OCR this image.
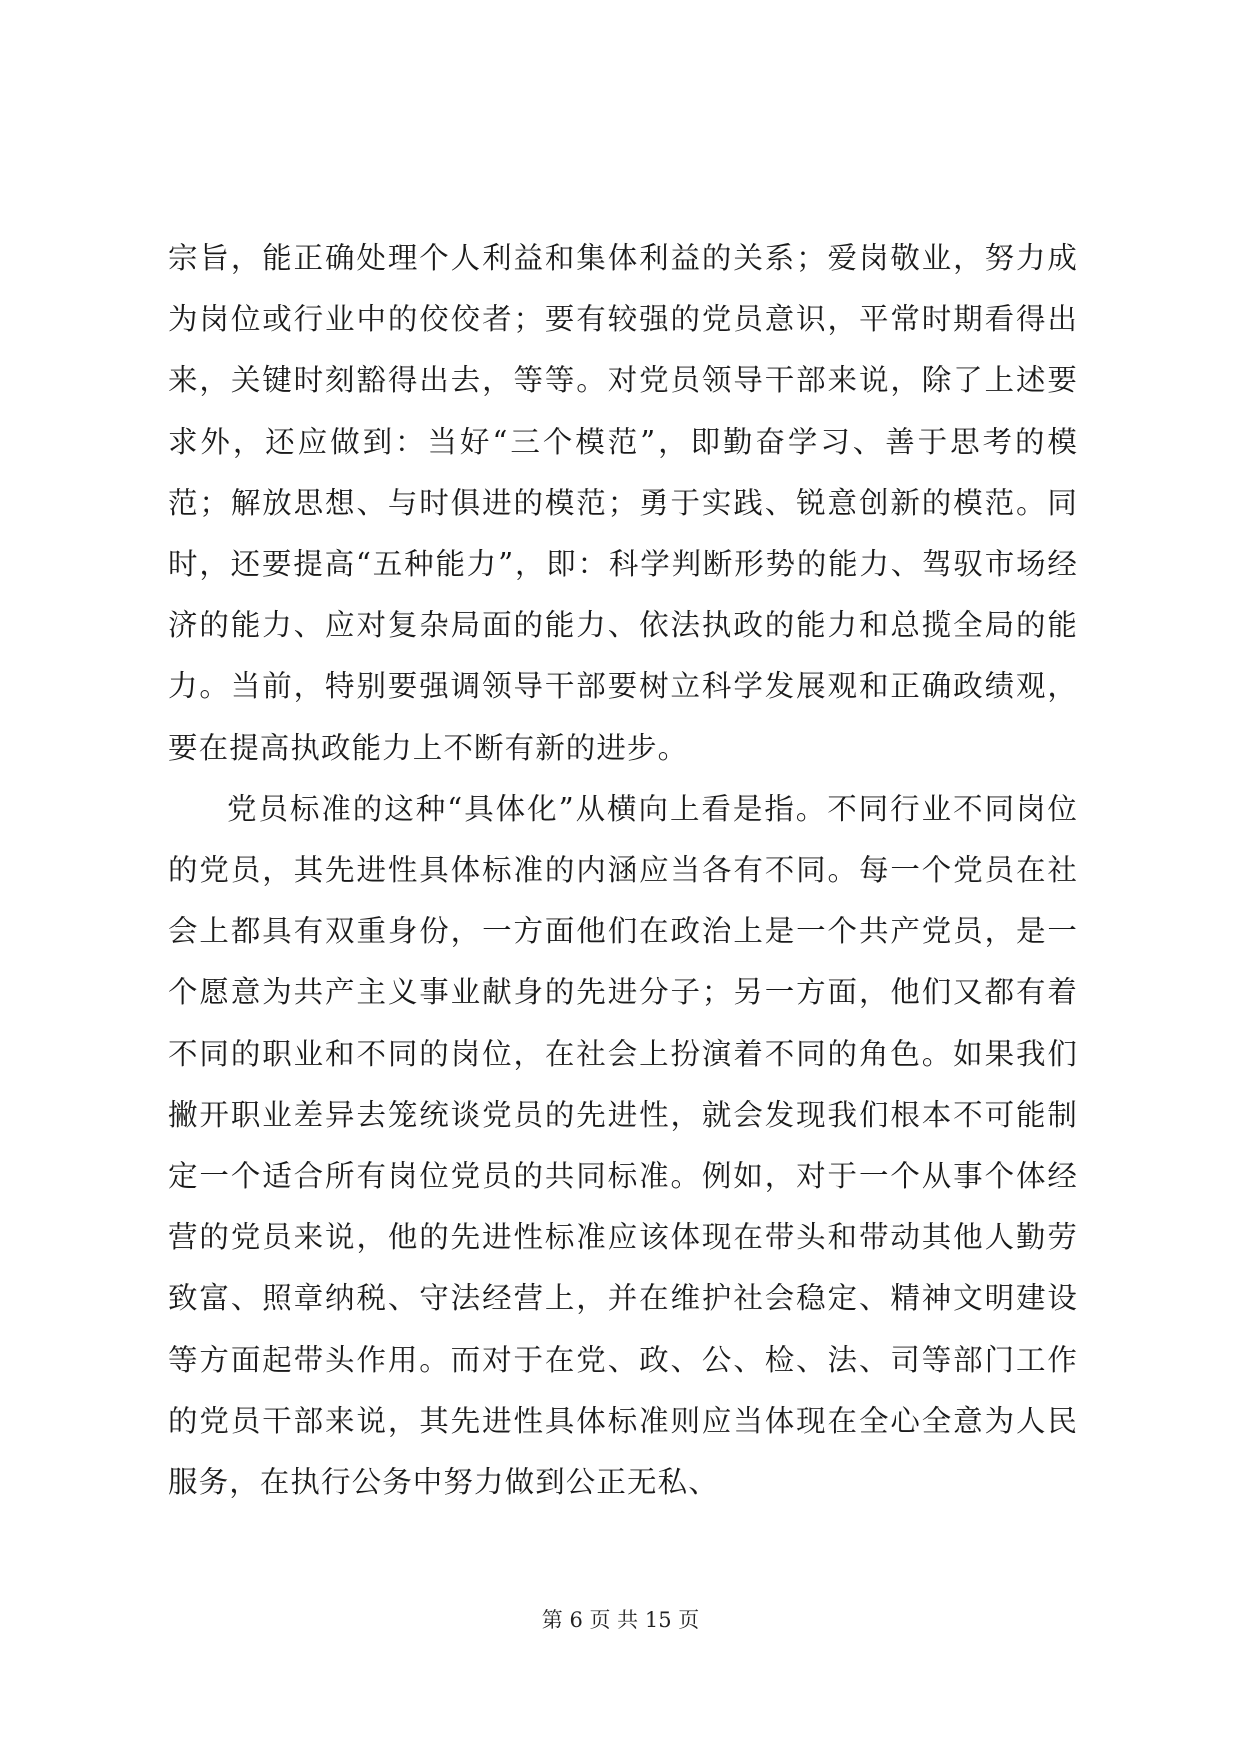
宗旨，能正确处理个人利益和集体利益的关系；爱岗敬业，努力成为岗位或行业中的佼佼者；要有较强的党员意识，平常时期看得出来，关键时刻豁得出去，等等。对党员领导干部来说，除了上述要求外，还应做到：当好“三个模范”，即勤奋学习、善于思考的模范；解放思想、与时俱进的模范；勇于实践、锐意创新的模范。同时，还要提高“五种能力”，即：科学判断形势的能力、驾驭市场经济的能力、应对复杂局面的能力、依法执政的能力和总揽全局的能力。当前，特别要强调领导干部要树立科学发展观和正确政绩观，要在提高执政能力上不断有新的进步。

党员标准的这种“具体化”从横向上看是指。不同行业不同岗位的党员，其先进性具体标准的内涵应当各有不同。每一个党员在社会上都具有双重身份，一方面他们在政治上是一个共产党员，是一个愿意为共产主义事业献身的先进分子；另一方面，他们又都有着不同的职业和不同的岗位，在社会上扮演着不同的角色。如果我们撇开职业差异去笼统谈党员的先进性，就会发现我们根本不可能制定一个适合所有岗位党员的共同标准。例如，对于一个从事个体经营的党员来说，他的先进性标准应该体现在带头和带动其他人勤劳致富、照章纳税、守法经营上，并在维护社会稳定、精神文明建设等方面起带头作用。而对于在党、政、公、检、法、司等部门工作的党员干部来说，其先进性具体标准则应当体现在全心全意为人民服务，在执行公务中努力做到公正无私、

第 6 页 共 15 页
